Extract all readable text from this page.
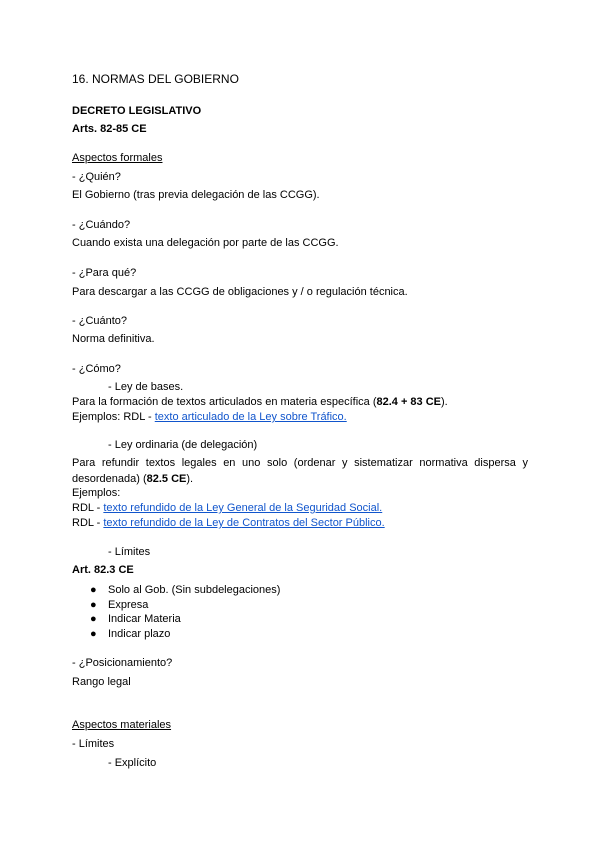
16. NORMAS DEL GOBIERNO
DECRETO LEGISLATIVO
Arts. 82-85 CE
Aspectos formales
- ¿Quién?
El Gobierno (tras previa delegación de las CCGG).
- ¿Cuándo?
Cuando exista una delegación por parte de las CCGG.
- ¿Para qué?
Para descargar a las CCGG de obligaciones y / o regulación técnica.
- ¿Cuánto?
Norma definitiva.
- ¿Cómo?
- Ley de bases.
Para la formación de textos articulados en materia específica (82.4 + 83 CE).
Ejemplos: RDL - texto articulado de la Ley sobre Tráfico.
- Ley ordinaria (de delegación)
Para refundir textos legales en uno solo (ordenar y sistematizar normativa dispersa y desordenada) (82.5 CE).
Ejemplos:
RDL - texto refundido de la Ley General de la Seguridad Social.
RDL - texto refundido de la Ley de Contratos del Sector Público.
- Límites
Art. 82.3 CE
● Solo al Gob. (Sin subdelegaciones)
● Expresa
● Indicar Materia
● Indicar plazo
- ¿Posicionamiento?
Rango legal
Aspectos materiales
- Límites
- Explícito
